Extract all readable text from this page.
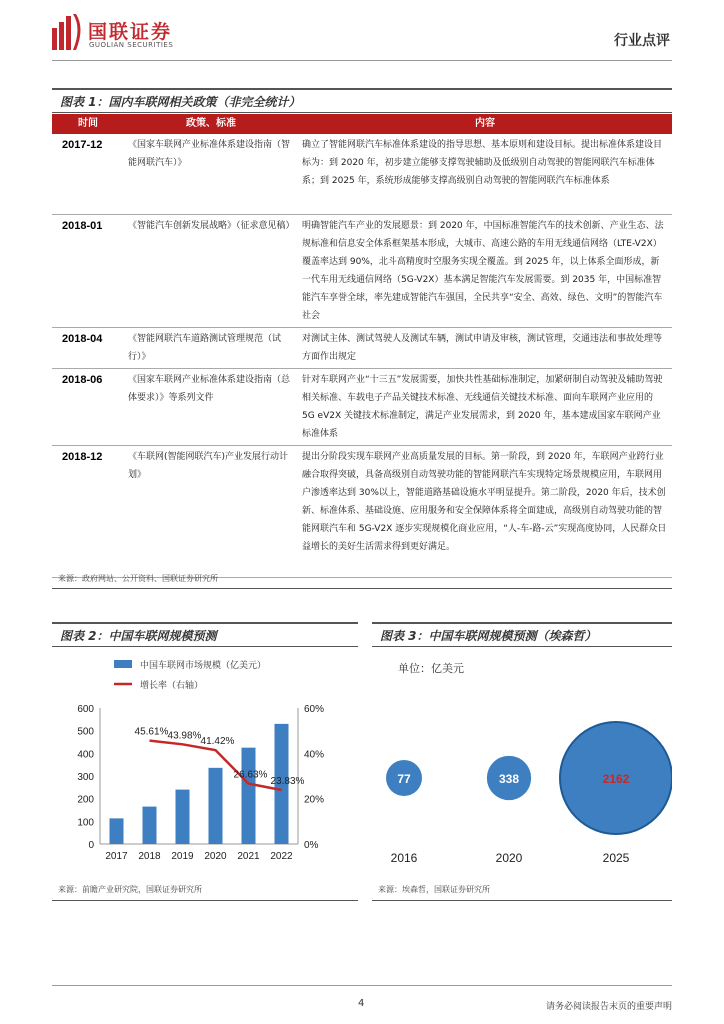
国联证券
GUOLIAN SECURITIES	行业点评
图表 1：国内车联网相关政策（非完全统计）
时间	政策、标准	内容
2017-12	《国家车联网产业标准体系建设指南（智能网联汽车）》	确立了智能网联汽车标准体系建设的指导思想、基本原则和建设目标。提出标准体系建设目标为：到 2020 年，初步建立能够支撑驾驶辅助及低级别自动驾驶的智能网联汽车标准体系；到 2025 年，系统形成能够支撑高级别自动驾驶的智能网联汽车标准体系
2018-01	《智能汽车创新发展战略》（征求意见稿）	明确智能汽车产业的发展愿景：到 2020 年，中国标准智能汽车的技术创新、产业生态、法规标准和信息安全体系框架基本形成，大城市、高速公路的车用无线通信网络（LTE-V2X）覆盖率达到 90%，北斗高精度时空服务实现全覆盖。到 2025 年，以上体系全面形成，新一代车用无线通信网络（5G-V2X）基本满足智能汽车发展需要。到 2035 年，中国标准智能汽车享誉全球，率先建成智能汽车强国，全民共享“安全、高效、绿色、文明”的智能汽车社会
2018-04	《智能网联汽车道路测试管理规范（试行）》	对测试主体、测试驾驶人及测试车辆，测试申请及审核，测试管理，交通违法和事故处理等方面作出规定
2018-06	《国家车联网产业标准体系建设指南（总体要求）》等系列文件	针对车联网产业“十三五”发展需要，加快共性基础标准制定，加紧研制自动驾驶及辅助驾驶相关标准、车载电子产品关键技术标准、无线通信关键技术标准、面向车联网产业应用的 5G eV2X 关键技术标准制定，满足产业发展需求，到 2020 年，基本建成国家车联网产业标准体系
2018-12	《车联网(智能网联汽车)产业发展行动计划》	提出分阶段实现车联网产业高质量发展的目标。第一阶段，到 2020 年，车联网产业跨行业融合取得突破，具备高级别自动驾驶功能的智能网联汽车实现特定场景规模应用，车联网用户渗透率达到 30%以上，智能道路基础设施水平明显提升。第二阶段，2020 年后，技术创新、标准体系、基础设施、应用服务和安全保障体系将全面建成，高级别自动驾驶功能的智能网联汽车和 5G-V2X 逐步实现规模化商业应用，“人-车-路-云”实现高度协同，人民群众日益增长的美好生活需求得到更好满足。
来源：政府网站、公开资料、国联证券研究所
图表 2：中国车联网规模预测
中国车联网市场规模（亿美元）
增长率（右轴）
0
100
200
300
400
500
600
0%
20%
40%
60%
2017 2018 2019 2020 2021 2022
45.61% 43.98%
41.42%
26.63%
23.83%
来源：前瞻产业研究院，国联证券研究所
图表 3：中国车联网规模预测（埃森哲）
单位：亿美元
77
2016
338
2020
2162
2025
来源：埃森哲，国联证券研究所
4	请务必阅读报告末页的重要声明
